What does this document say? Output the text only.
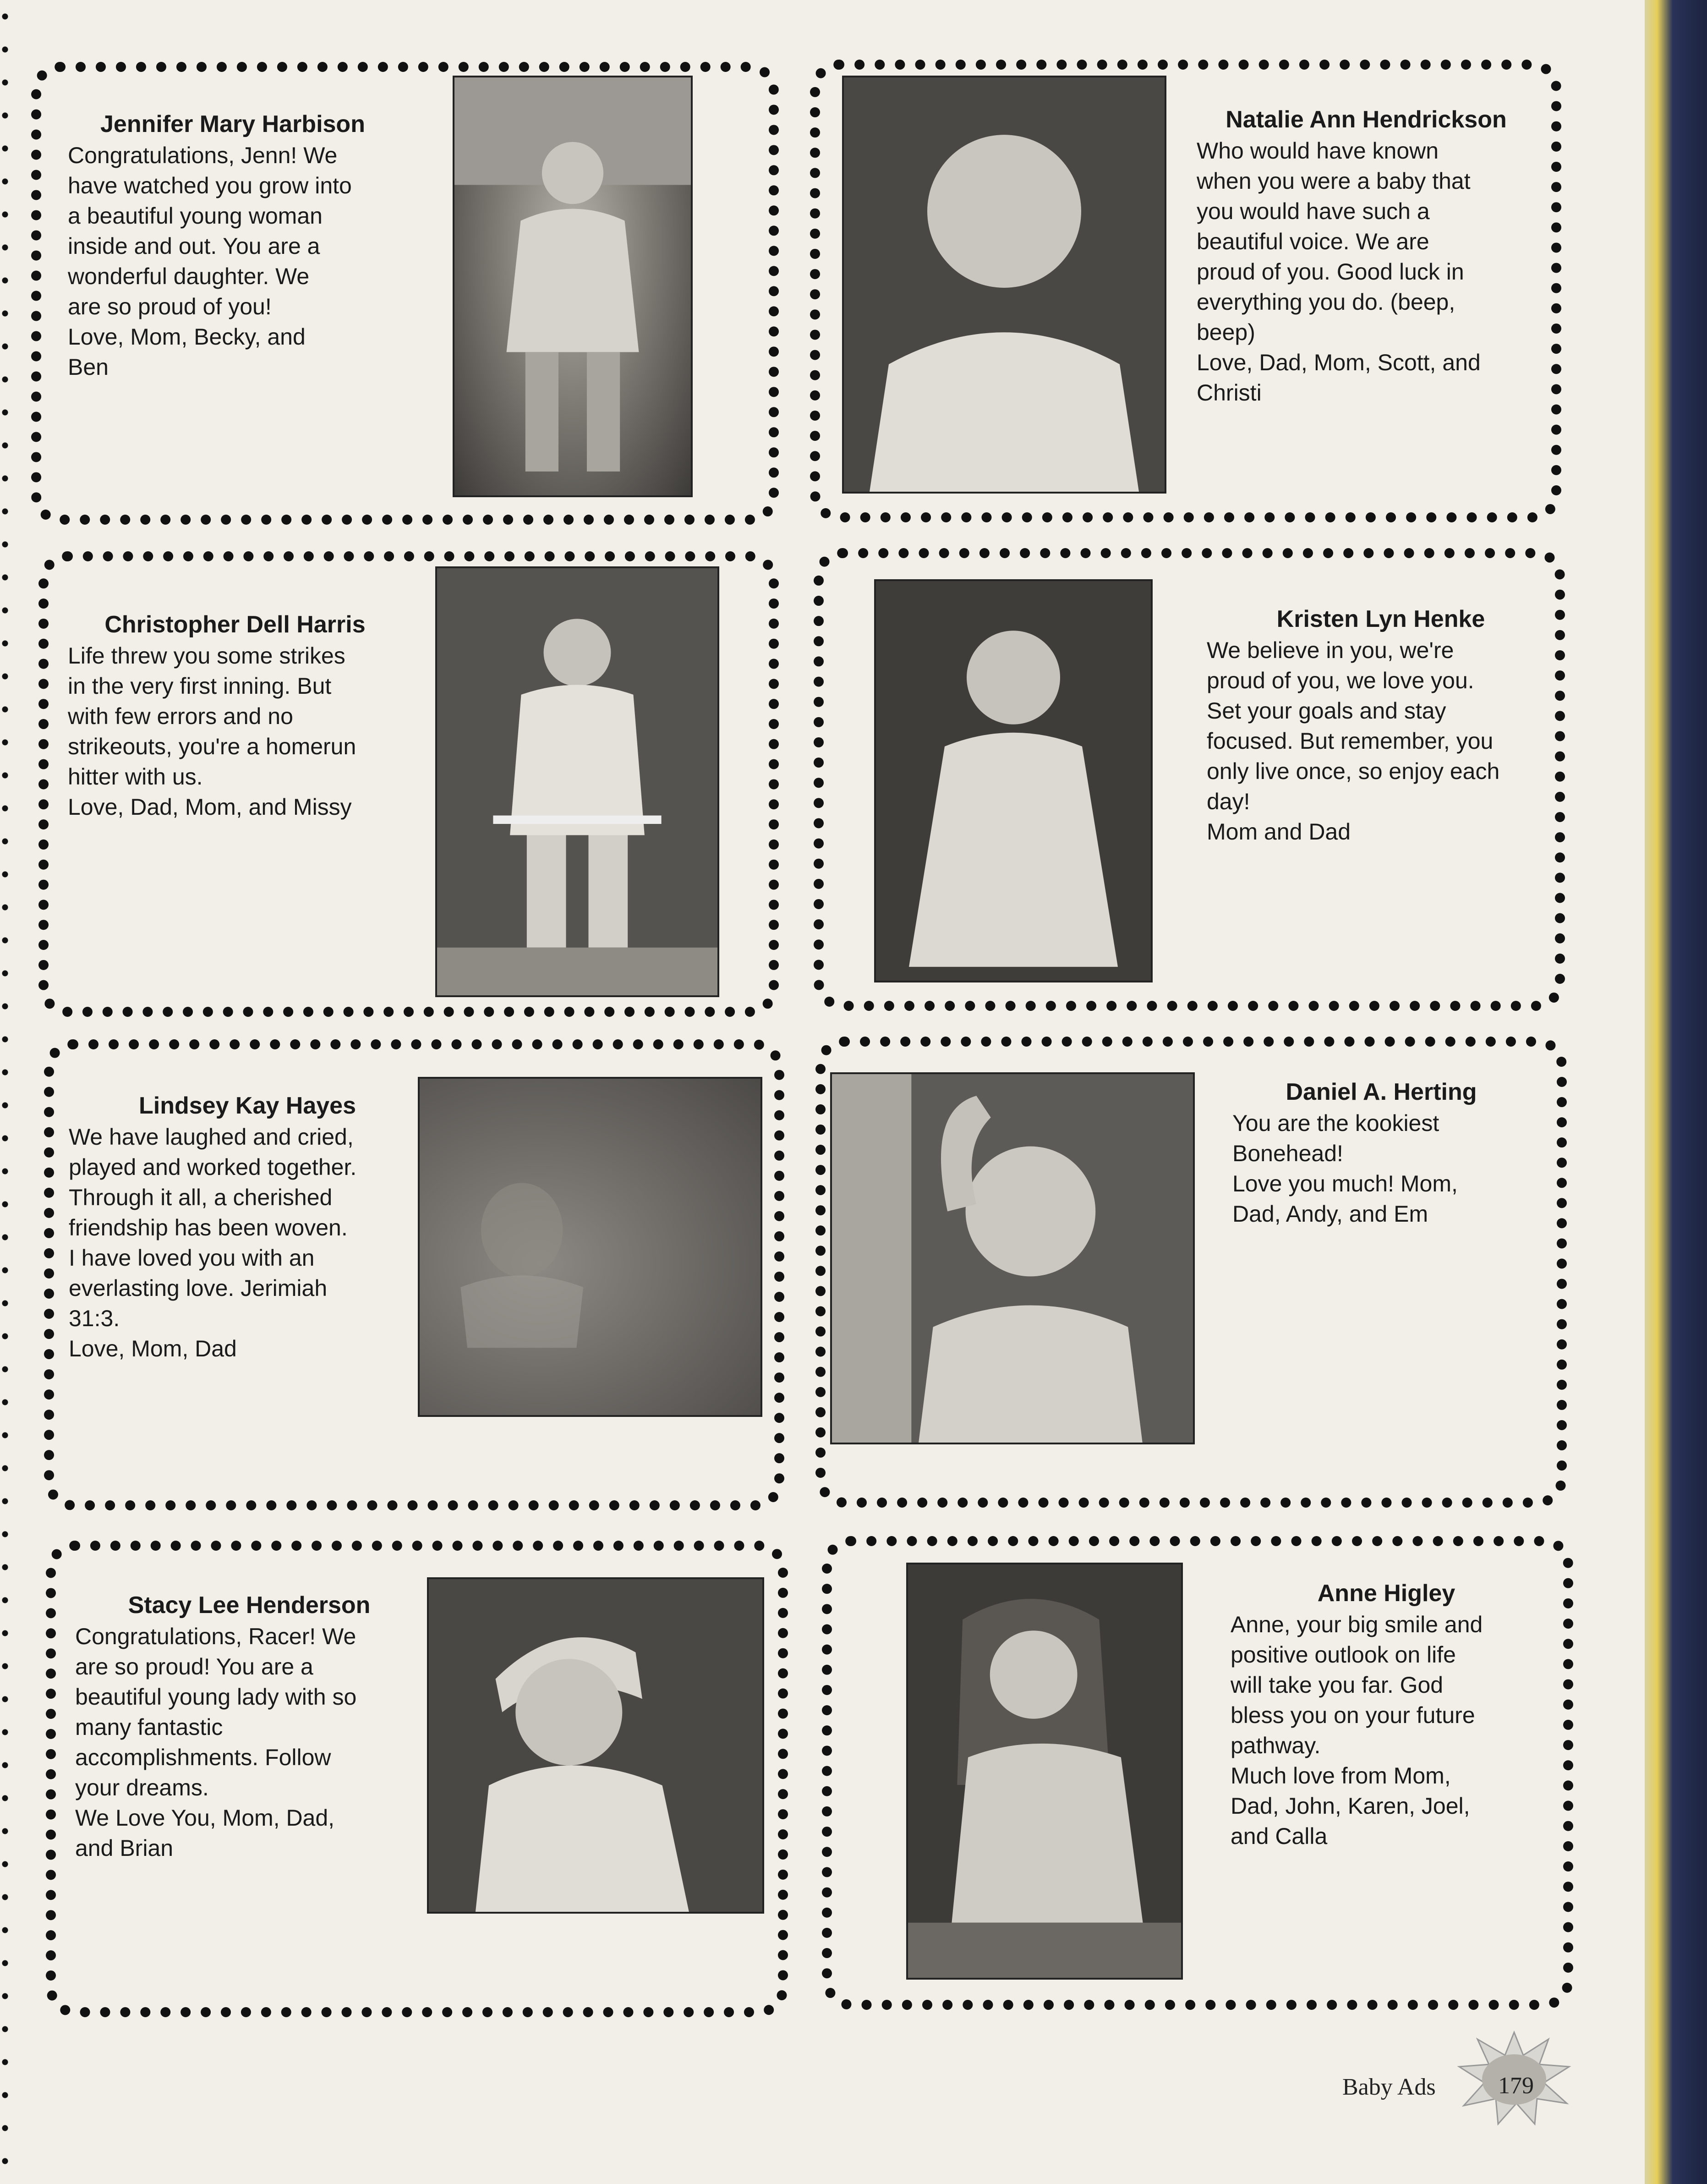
Jennifer Mary Harbison
Congratulations, Jenn! We
have watched you grow into
a beautiful young woman
inside and out. You are a
wonderful daughter. We
are so proud of you!
Love, Mom, Becky, and
Ben
Natalie Ann Hendrickson
Who would have known
when you were a baby that
you would have such a
beautiful voice. We are
proud of you. Good luck in
everything you do. (beep,
beep)
Love, Dad, Mom, Scott, and
Christi
Christopher Dell Harris
Life threw you some strikes
in the very first inning. But
with few errors and no
strikeouts, you're a homerun
hitter with us.
Love, Dad, Mom, and Missy
Kristen Lyn Henke
We believe in you, we're
proud of you, we love you.
Set your goals and stay
focused. But remember, you
only live once, so enjoy each
day!
Mom and Dad
Lindsey Kay Hayes
We have laughed and cried,
played and worked together.
Through it all, a cherished
friendship has been woven.
I have loved you with an
everlasting love. Jerimiah
31:3.
Love, Mom, Dad
Daniel A. Herting
You are the kookiest
Bonehead!
Love you much! Mom,
Dad, Andy, and Em
Stacy Lee Henderson
Congratulations, Racer! We
are so proud! You are a
beautiful young lady with so
many fantastic
accomplishments. Follow
your dreams.
We Love You, Mom, Dad,
and Brian
Anne Higley
Anne, your big smile and
positive outlook on life
will take you far. God
bless you on your future
pathway.
Much love from Mom,
Dad, John, Karen, Joel,
and Calla
Baby Ads	179
